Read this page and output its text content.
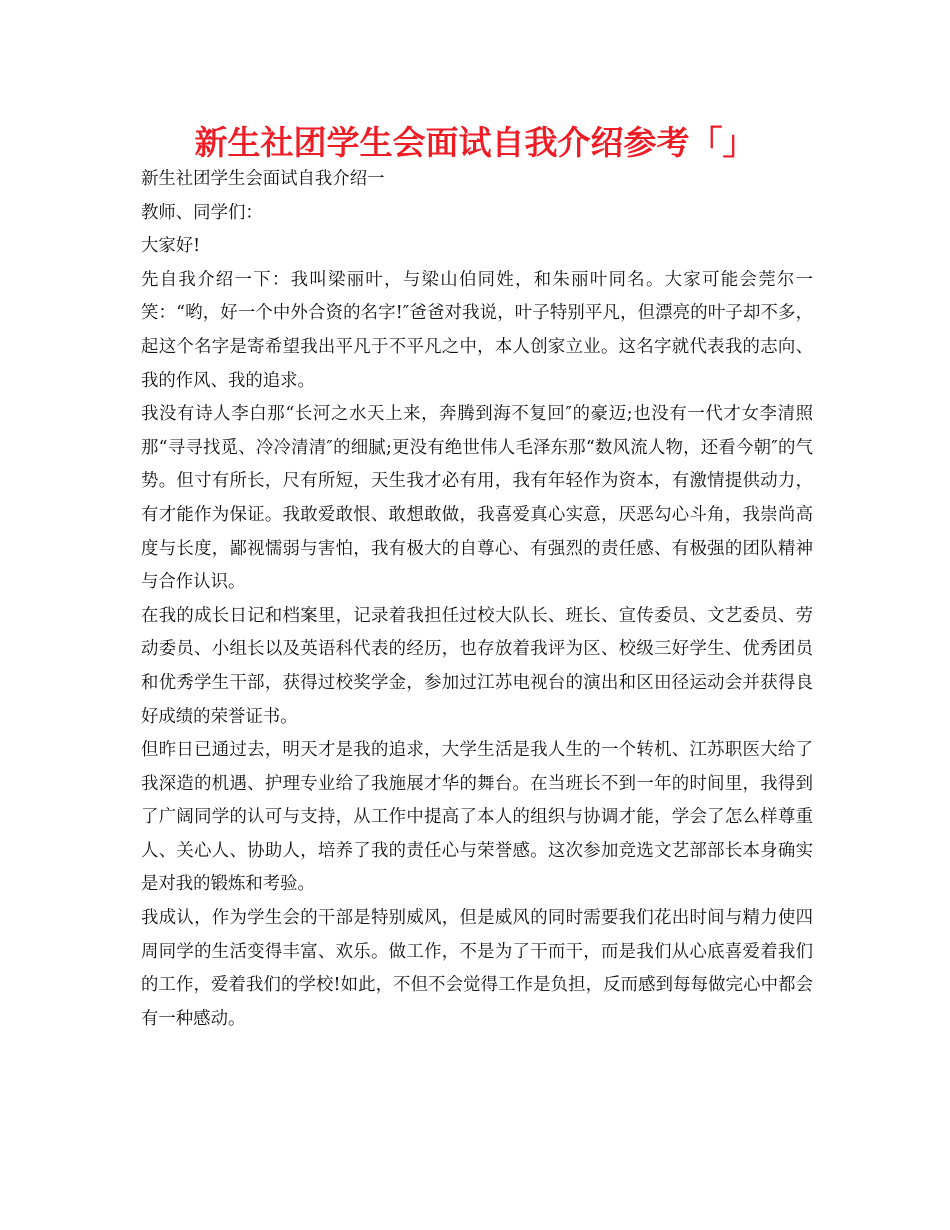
新生社团学生会面试自我介绍参考「」

新生社团学生会面试自我介绍一

教师、同学们：

大家好!

先自我介绍一下：我叫梁丽叶，与梁山伯同姓，和朱丽叶同名。大家可能会莞尔一笑：“哟，好一个中外合资的名字!″爸爸对我说，叶子特别平凡，但漂亮的叶子却不多，起这个名字是寄希望我出平凡于不平凡之中，本人创家立业。这名字就代表我的志向、我的作风、我的追求。

我没有诗人李白那“长河之水天上来，奔腾到海不复回″的豪迈;也没有一代才女李清照那“寻寻找觅、冷冷清清″的细腻;更没有绝世伟人毛泽东那“数风流人物，还看今朝″的气势。但寸有所长，尺有所短，天生我才必有用，我有年轻作为资本，有激情提供动力，有才能作为保证。我敢爱敢恨、敢想敢做，我喜爱真心实意，厌恶勾心斗角，我崇尚高度与长度，鄙视懦弱与害怕，我有极大的自尊心、有强烈的责任感、有极强的团队精神与合作认识。

在我的成长日记和档案里，记录着我担任过校大队长、班长、宣传委员、文艺委员、劳动委员、小组长以及英语科代表的经历，也存放着我评为区、校级三好学生、优秀团员和优秀学生干部，获得过校奖学金，参加过江苏电视台的演出和区田径运动会并获得良好成绩的荣誉证书。

但昨日已通过去，明天才是我的追求，大学生活是我人生的一个转机、江苏职医大给了我深造的机遇、护理专业给了我施展才华的舞台。在当班长不到一年的时间里，我得到了广阔同学的认可与支持，从工作中提高了本人的组织与协调才能，学会了怎么样尊重人、关心人、协助人，培养了我的责任心与荣誉感。这次参加竞选文艺部部长本身确实是对我的锻炼和考验。

我成认，作为学生会的干部是特别威风，但是威风的同时需要我们花出时间与精力使四周同学的生活变得丰富、欢乐。做工作，不是为了干而干，而是我们从心底喜爱着我们的工作，爱着我们的学校!如此，不但不会觉得工作是负担，反而感到每每做完心中都会有一种感动。
